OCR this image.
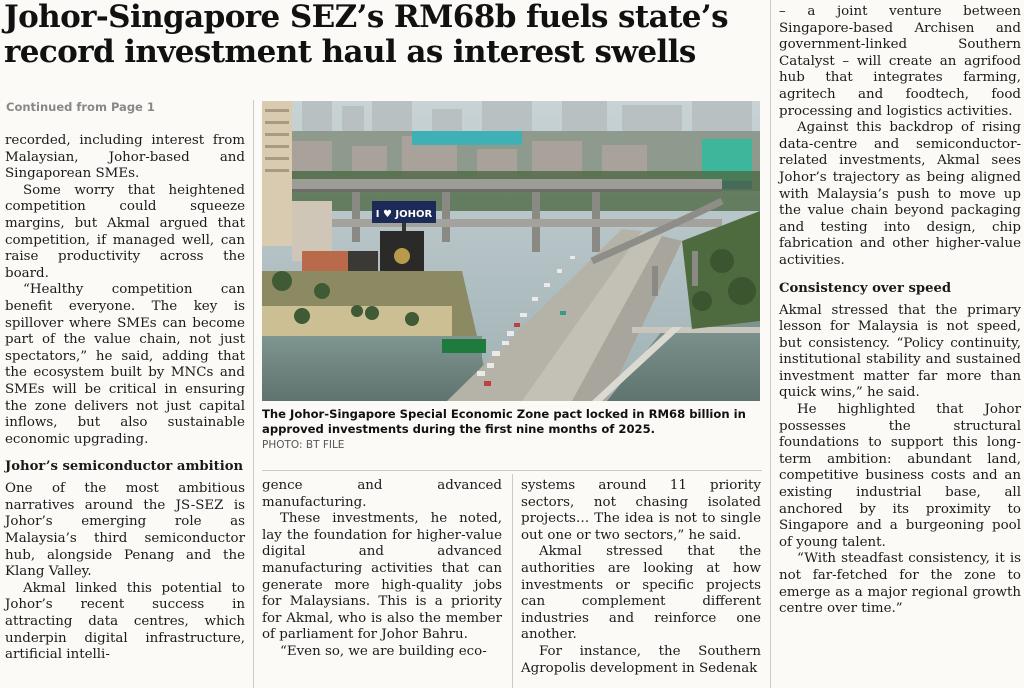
Johor-Singapore SEZ’s RM68b fuels state’s
record investment haul as interest swells
Continued from Page 1

recorded, including interest from Malaysian, Johor-based and Singaporean SMEs.

Some worry that heightened competition could squeeze margins, but Akmal argued that competition, if managed well, can raise productivity across the board.

“Healthy competition can benefit everyone. The key is spillover where SMEs can become part of the value chain, not just spectators,” he said, adding that the ecosystem built by MNCs and SMEs will be critical in ensuring the zone delivers not just capital inflows, but also sustainable economic upgrading.

Johor’s semiconductor ambition

One of the most ambitious narratives around the JS-SEZ is Johor’s emerging role as Malaysia’s third semiconductor hub, alongside Penang and the Klang Valley.

Akmal linked this potential to Johor’s recent success in attracting data centres, which underpin digital infrastructure, artificial intelli-

I ♥ JOHOR
The Johor-Singapore Special Economic Zone pact locked in RM68 billion in approved investments during the first nine months of 2025.
PHOTO: BT FILE

gence and advanced manufacturing.

These investments, he noted, lay the foundation for higher-value digital and advanced manufacturing activities that can generate more high-quality jobs for Malaysians. This is a priority for Akmal, who is also the member of parliament for Johor Bahru.

“Even so, we are building eco-

systems around 11 priority sectors, not chasing isolated projects… The idea is not to single out one or two sectors,” he said.

Akmal stressed that the authorities are looking at how investments or specific projects can complement different industries and reinforce one another.

For instance, the Southern Agropolis development in Sedenak

– a joint venture between Singapore-based Archisen and government-linked Southern Catalyst – will create an agrifood hub that integrates farming, agritech and foodtech, food processing and logistics activities.

Against this backdrop of rising data-centre and semiconductor-related investments, Akmal sees Johor’s trajectory as being aligned with Malaysia’s push to move up the value chain beyond packaging and testing into design, chip fabrication and other higher-value activities.

Consistency over speed

Akmal stressed that the primary lesson for Malaysia is not speed, but consistency. “Policy continuity, institutional stability and sustained investment matter far more than quick wins,” he said.

He highlighted that Johor possesses the structural foundations to support this long-term ambition: abundant land, competitive business costs and an existing industrial base, all anchored by its proximity to Singapore and a burgeoning pool of young talent.

“With steadfast consistency, it is not far-fetched for the zone to emerge as a major regional growth centre over time.”
